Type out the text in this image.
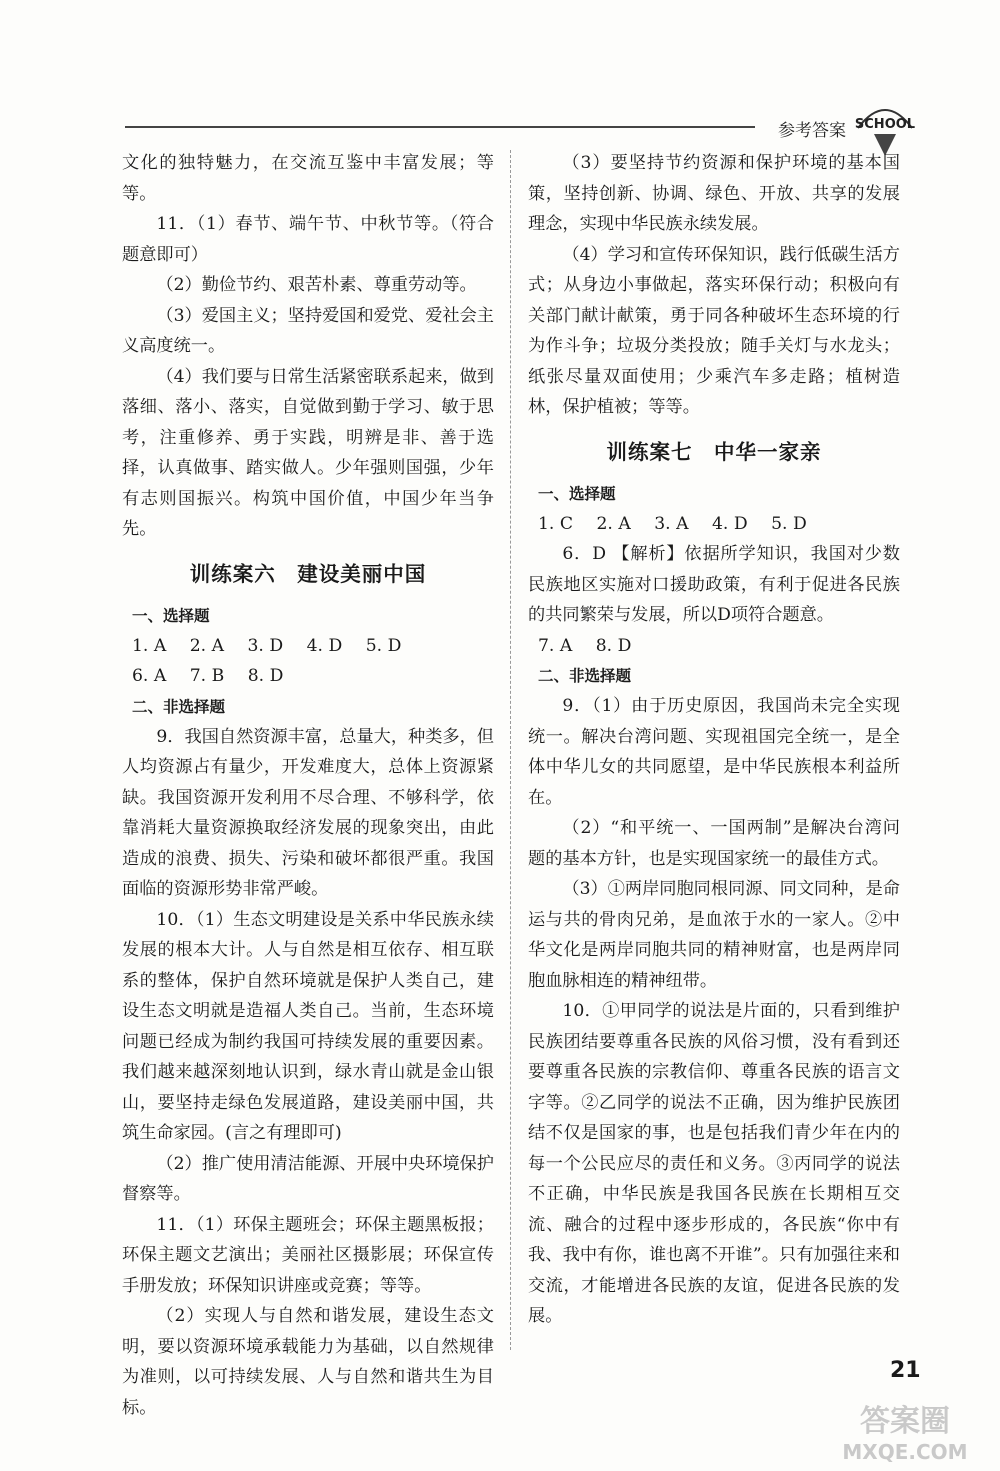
参考答案 SCHOOL

文化的独特魅力，在交流互鉴中丰富发展；等等。

11．（1）春节、端午节、中秋节等。（符合题意即可）

（2）勤俭节约、艰苦朴素、尊重劳动等。

（3）爱国主义；坚持爱国和爱党、爱社会主义高度统一。

（4）我们要与日常生活紧密联系起来，做到落细、落小、落实，自觉做到勤于学习、敏于思考，注重修养、勇于实践，明辨是非、善于选择，认真做事、踏实做人。少年强则国强，少年有志则国振兴。构筑中国价值，中国少年当争先。

训练案六　建设美丽中国
一、选择题
1. A 2. A 3. D 4. D 5. D
6. A 7. B 8. D
二、非选择题

9．我国自然资源丰富，总量大，种类多，但人均资源占有量少，开发难度大，总体上资源紧缺。我国资源开发利用不尽合理、不够科学，依靠消耗大量资源换取经济发展的现象突出，由此造成的浪费、损失、污染和破坏都很严重。我国面临的资源形势非常严峻。

10．（1）生态文明建设是关系中华民族永续发展的根本大计。人与自然是相互依存、相互联系的整体，保护自然环境就是保护人类自己，建设生态文明就是造福人类自己。当前，生态环境问题已经成为制约我国可持续发展的重要因素。我们越来越深刻地认识到，绿水青山就是金山银山，要坚持走绿色发展道路，建设美丽中国，共筑生命家园。(言之有理即可)

（2）推广使用清洁能源、开展中央环境保护督察等。

11．（1）环保主题班会；环保主题黑板报；环保主题文艺演出；美丽社区摄影展；环保宣传手册发放；环保知识讲座或竞赛；等等。

（2）实现人与自然和谐发展，建设生态文明，要以资源环境承载能力为基础，以自然规律为准则，以可持续发展、人与自然和谐共生为目标。

（3）要坚持节约资源和保护环境的基本国策，坚持创新、协调、绿色、开放、共享的发展理念，实现中华民族永续发展。

（4）学习和宣传环保知识，践行低碳生活方式；从身边小事做起，落实环保行动；积极向有关部门献计献策，勇于同各种破坏生态环境的行为作斗争；垃圾分类投放；随手关灯与水龙头；纸张尽量双面使用；少乘汽车多走路；植树造林，保护植被；等等。

训练案七　中华一家亲
一、选择题
1. C 2. A 3. A 4. D 5. D

6．D 【解析】依据所学知识，我国对少数民族地区实施对口援助政策，有利于促进各民族的共同繁荣与发展，所以D项符合题意。

7. A 8. D
二、非选择题

9．（1）由于历史原因，我国尚未完全实现统一。解决台湾问题、实现祖国完全统一，是全体中华儿女的共同愿望，是中华民族根本利益所在。

（2）“和平统一、一国两制”是解决台湾问题的基本方针，也是实现国家统一的最佳方式。

（3）①两岸同胞同根同源、同文同种，是命运与共的骨肉兄弟，是血浓于水的一家人。②中华文化是两岸同胞共同的精神财富，也是两岸同胞血脉相连的精神纽带。

10．①甲同学的说法是片面的，只看到维护民族团结要尊重各民族的风俗习惯，没有看到还要尊重各民族的宗教信仰、尊重各民族的语言文字等。②乙同学的说法不正确，因为维护民族团结不仅是国家的事，也是包括我们青少年在内的每一个公民应尽的责任和义务。③丙同学的说法不正确，中华民族是我国各民族在长期相互交流、融合的过程中逐步形成的，各民族“你中有我、我中有你，谁也离不开谁”。只有加强往来和交流，才能增进各民族的友谊，促进各民族的发展。

21
答案圈
MXQE.COM
